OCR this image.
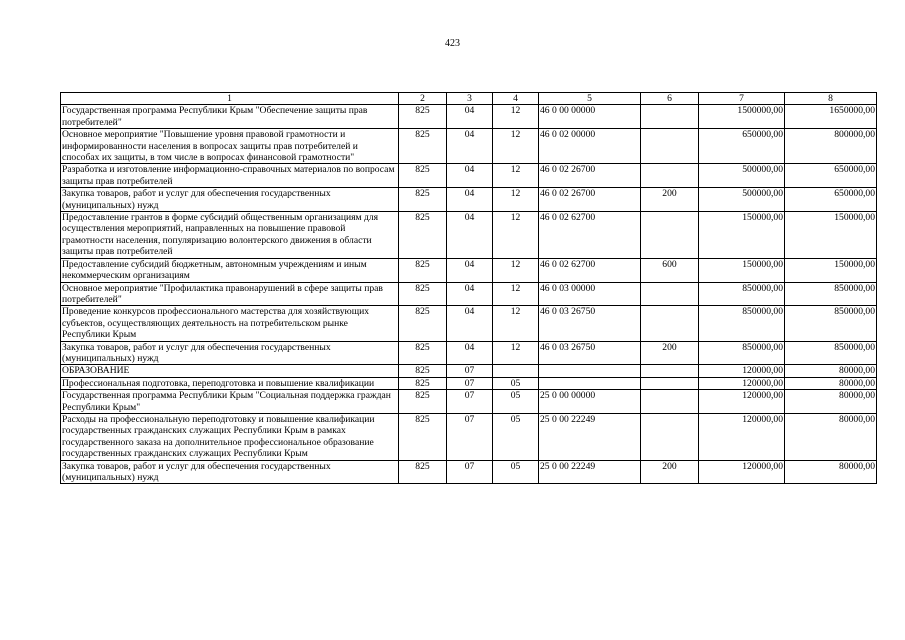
423
1	2	3	4	5	6	7	8
Государственная программа Республики Крым "Обеспечение защиты прав потребителей"	825	04	12	46 0 00 00000		1500000,00	1650000,00
Основное мероприятие "Повышение уровня правовой грамотности и информированности населения в вопросах защиты прав потребителей и способах их защиты, в том числе в вопросах финансовой грамотности"	825	04	12	46 0 02 00000		650000,00	800000,00
Разработка и изготовление информационно-справочных материалов по вопросам защиты прав потребителей	825	04	12	46 0 02 26700		500000,00	650000,00
Закупка товаров, работ и услуг для обеспечения государственных (муниципальных) нужд	825	04	12	46 0 02 26700	200	500000,00	650000,00
Предоставление грантов в форме субсидий общественным организациям для осуществления мероприятий, направленных на повышение правовой грамотности населения, популяризацию волонтерского движения в области защиты прав потребителей	825	04	12	46 0 02 62700		150000,00	150000,00
Предоставление субсидий бюджетным, автономным учреждениям и иным некоммерческим организациям	825	04	12	46 0 02 62700	600	150000,00	150000,00
Основное мероприятие "Профилактика правонарушений в сфере защиты прав потребителей"	825	04	12	46 0 03 00000		850000,00	850000,00
Проведение конкурсов профессионального мастерства для хозяйствующих субъектов, осуществляющих деятельность на потребительском рынке Республики Крым	825	04	12	46 0 03 26750		850000,00	850000,00
Закупка товаров, работ и услуг для обеспечения государственных (муниципальных) нужд	825	04	12	46 0 03 26750	200	850000,00	850000,00
ОБРАЗОВАНИЕ	825	07				120000,00	80000,00
Профессиональная подготовка, переподготовка и повышение квалификации	825	07	05			120000,00	80000,00
Государственная программа Республики Крым "Социальная поддержка граждан Республики Крым"	825	07	05	25 0 00 00000		120000,00	80000,00
Расходы на профессиональную переподготовку и повышение квалификации государственных гражданских служащих Республики Крым в рамках государственного заказа на дополнительное профессиональное образование государственных гражданских служащих Республики Крым	825	07	05	25 0 00 22249		120000,00	80000,00
Закупка товаров, работ и услуг для обеспечения государственных (муниципальных) нужд	825	07	05	25 0 00 22249	200	120000,00	80000,00
